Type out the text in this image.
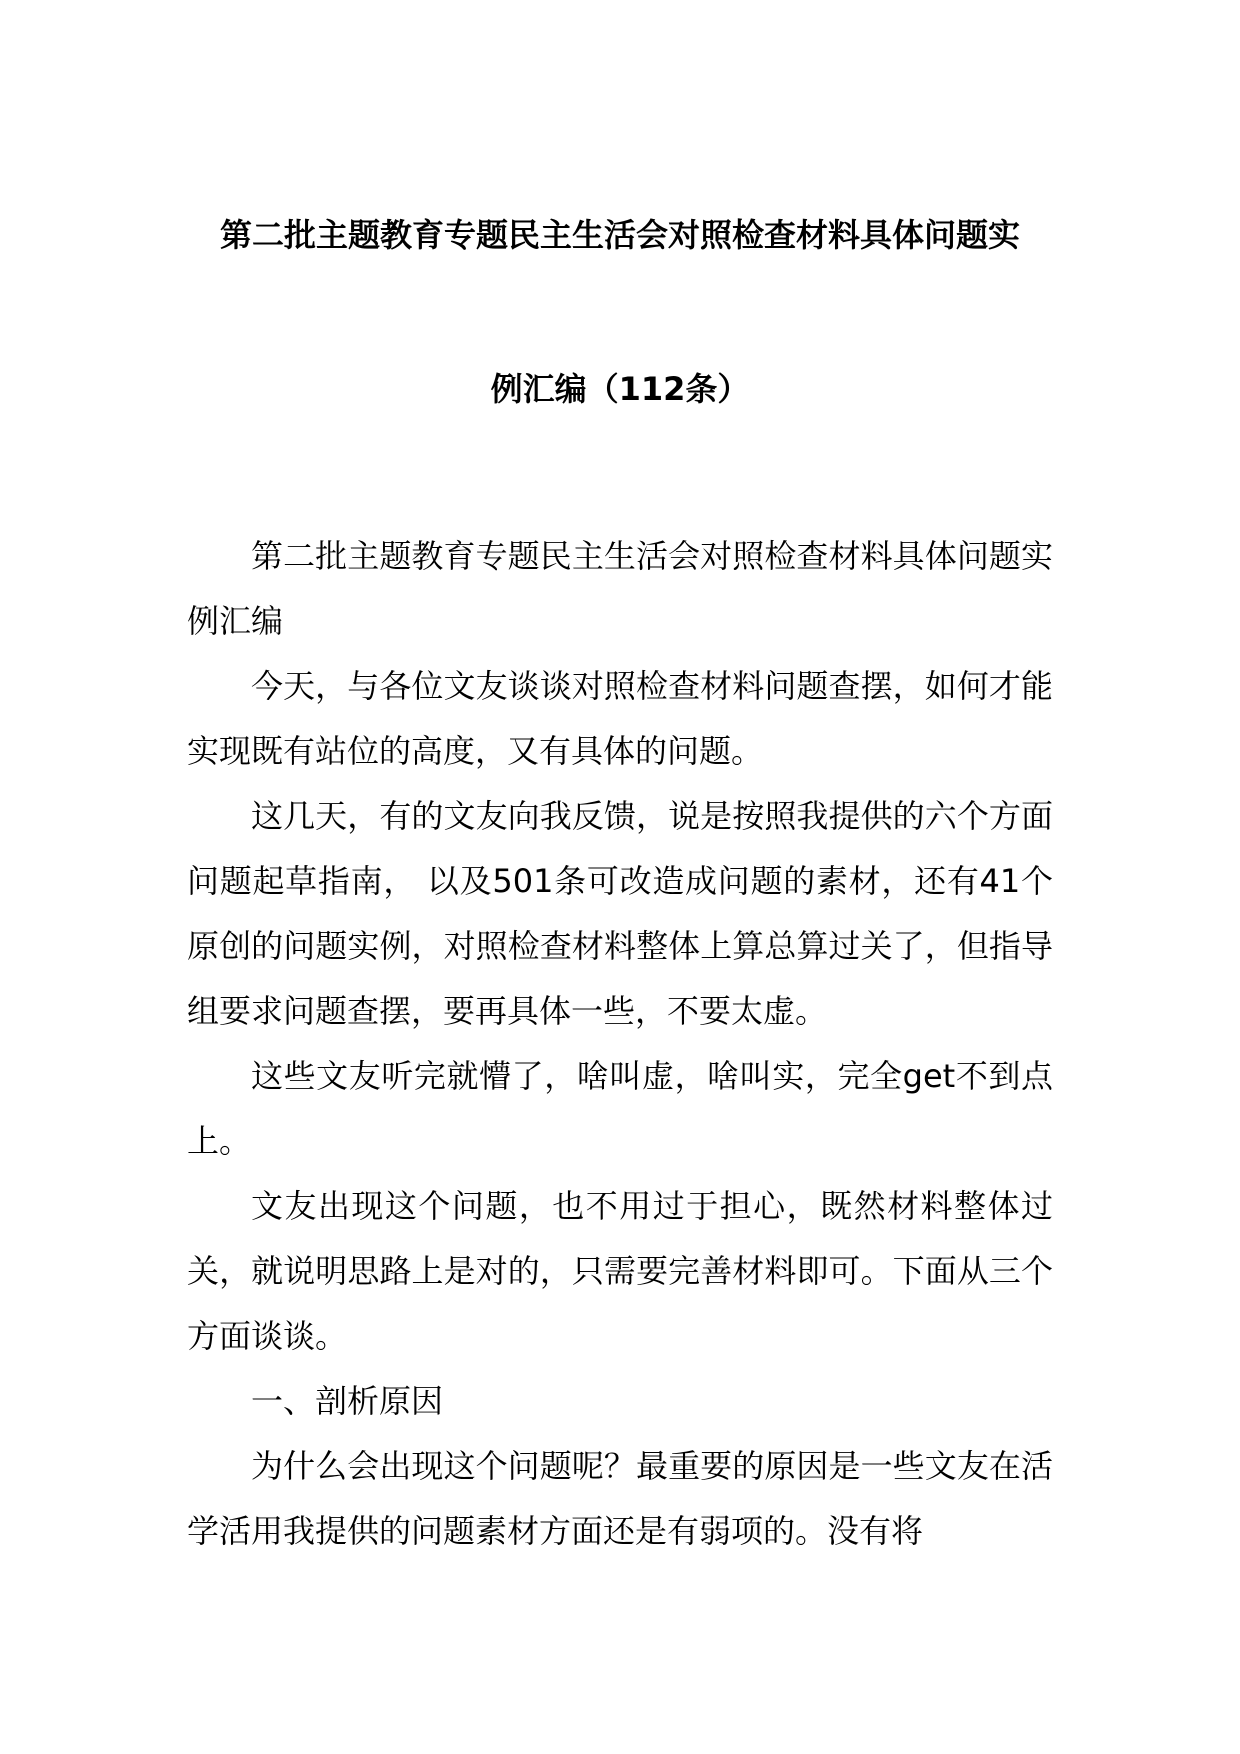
第二批主题教育专题民主生活会对照检查材料具体问题实
例汇编（112条）

第二批主题教育专题民主生活会对照检查材料具体问题实例汇编

今天，与各位文友谈谈对照检查材料问题查摆，如何才能实现既有站位的高度，又有具体的问题。

这几天，有的文友向我反馈，说是按照我提供的六个方面问题起草指南， 以及501条可改造成问题的素材，还有41个原创的问题实例，对照检查材料整体上算总算过关了，但指导组要求问题查摆，要再具体一些，不要太虚。

这些文友听完就懵了，啥叫虚，啥叫实，完全get不到点上。

文友出现这个问题，也不用过于担心，既然材料整体过关，就说明思路上是对的，只需要完善材料即可。下面从三个方面谈谈。

一、剖析原因

为什么会出现这个问题呢？最重要的原因是一些文友在活学活用我提供的问题素材方面还是有弱项的。没有将
